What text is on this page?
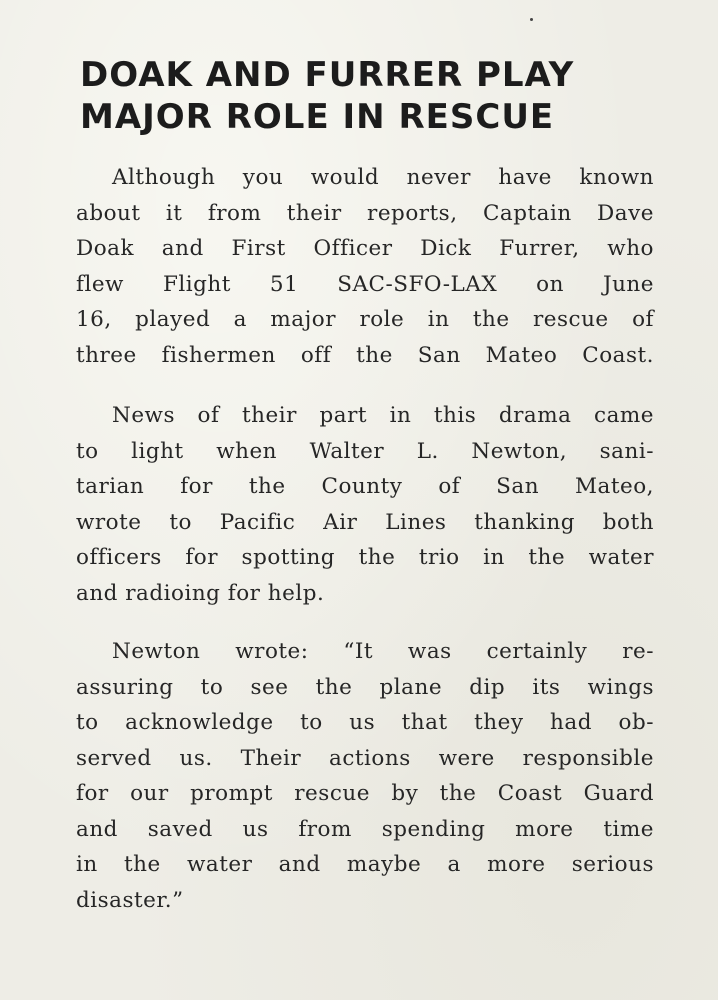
DOAK AND FURRER PLAY
MAJOR ROLE IN RESCUE
Although you would never have known
about it from their reports, Captain Dave
Doak and First Officer Dick Furrer, who
flew Flight 51 SAC-SFO-LAX on June
16, played a major role in the rescue of
three fishermen off the San Mateo Coast.
News of their part in this drama came
to light when Walter L. Newton, sani-
tarian for the County of San Mateo,
wrote to Pacific Air Lines thanking both
officers for spotting the trio in the water
and radioing for help.
Newton wrote: “It was certainly re-
assuring to see the plane dip its wings
to acknowledge to us that they had ob-
served us. Their actions were responsible
for our prompt rescue by the Coast Guard
and saved us from spending more time
in the water and maybe a more serious
disaster.”
